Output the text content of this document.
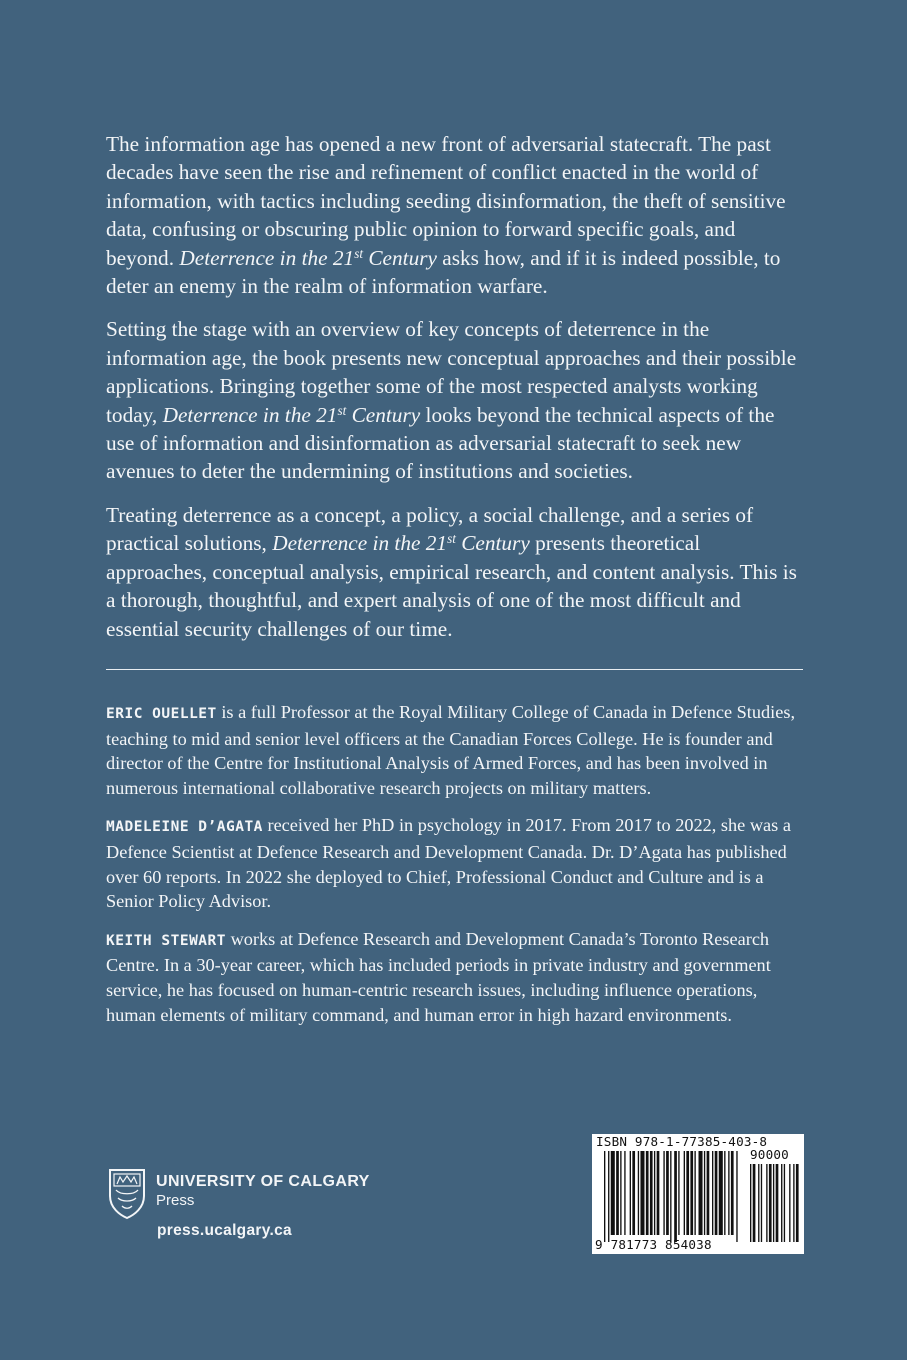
The information age has opened a new front of adversarial statecraft. The past decades have seen the rise and refinement of conflict enacted in the world of information, with tactics including seeding disinformation, the theft of sensitive data, confusing or obscuring public opinion to forward specific goals, and beyond. Deterrence in the 21st Century asks how, and if it is indeed possible, to deter an enemy in the realm of information warfare.

Setting the stage with an overview of key concepts of deterrence in the information age, the book presents new conceptual approaches and their possible applications. Bringing together some of the most respected analysts working today, Deterrence in the 21st Century looks beyond the technical aspects of the use of information and disinformation as adversarial statecraft to seek new avenues to deter the undermining of institutions and societies.

Treating deterrence as a concept, a policy, a social challenge, and a series of practical solutions, Deterrence in the 21st Century presents theoretical approaches, conceptual analysis, empirical research, and content analysis. This is a thorough, thoughtful, and expert analysis of one of the most difficult and essential security challenges of our time.

ERIC OUELLET is a full Professor at the Royal Military College of Canada in Defence Studies, teaching to mid and senior level officers at the Canadian Forces College. He is founder and director of the Centre for Institutional Analysis of Armed Forces, and has been involved in numerous international collaborative research projects on military matters.

MADELEINE D’AGATA received her PhD in psychology in 2017. From 2017 to 2022, she was a Defence Scientist at Defence Research and Development Canada. Dr. D’Agata has published over 60 reports. In 2022 she deployed to Chief, Professional Conduct and Culture and is a Senior Policy Advisor.

KEITH STEWART works at Defence Research and Development Canada’s Toronto Research Centre. In a 30-year career, which has included periods in private industry and government service, he has focused on human-centric research issues, including influence operations, human elements of military command, and human error in high hazard environments.

UNIVERSITY OF CALGARY
Press
press.ucalgary.ca
ISBN 978-1-77385-403-8
90000
9 781773 854038
